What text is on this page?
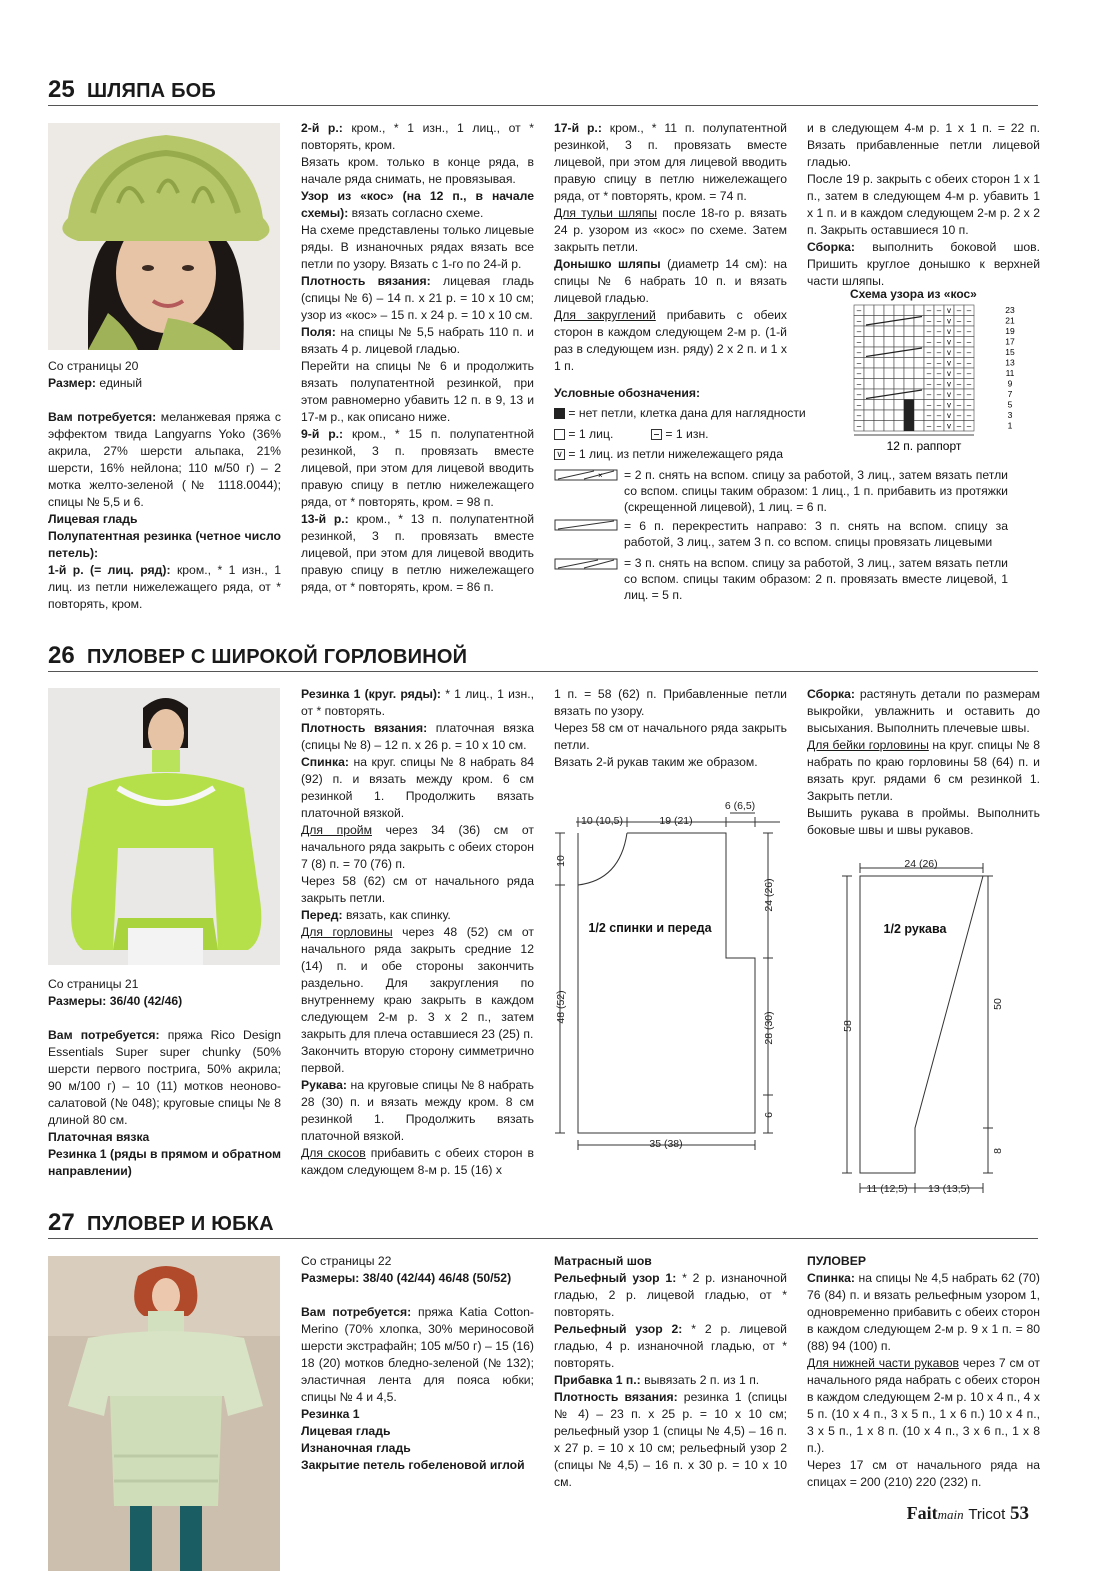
25 ШЛЯПА БОБ

Со страницы 20

Размер: единый

Вам потребуется: меланжевая пряжа с эффектом твида Langyarns Yoko (36% акрила, 27% шерсти альпака, 21% шерсти, 16% нейлона; 110 м/50 г) – 2 мотка желто-зеленой (№ 1118.0044); спицы № 5,5 и 6.

Лицевая гладь

Полупатентная резинка (четное число петель):

1-й р. (= лиц. ряд): кром., * 1 изн., 1 лиц. из петли нижележащего ряда, от * повторять, кром.

2-й р.: кром., * 1 изн., 1 лиц., от * повторять, кром.

Вязать кром. только в конце ряда, в начале ряда снимать, не провязывая.

Узор из «кос» (на 12 п., в начале схемы): вязать согласно схеме.

На схеме представлены только лицевые ряды. В изнаночных рядах вязать все петли по узору. Вязать с 1-го по 24-й р.

Плотность вязания: лицевая гладь (спицы № 6) – 14 п. x 21 р. = 10 x 10 см; узор из «кос» – 15 п. x 24 р. = 10 x 10 см.

Поля: на спицы № 5,5 набрать 110 п. и вязать 4 р. лицевой гладью.

Перейти на спицы № 6 и продолжить вязать полупатентной резинкой, при этом равномерно убавить 12 п. в 9, 13 и 17-м р., как описано ниже.

9-й р.: кром., * 15 п. полупатентной резинкой, 3 п. провязать вместе лицевой, при этом для лицевой вводить правую спицу в петлю нижележащего ряда, от * повторять, кром. = 98 п.

13-й р.: кром., * 13 п. полупатентной резинкой, 3 п. провязать вместе лицевой, при этом для лицевой вводить правую спицу в петлю нижележащего ряда, от * повторять, кром. = 86 п.

17-й р.: кром., * 11 п. полупатентной резинкой, 3 п. провязать вместе лицевой, при этом для лицевой вводить правую спицу в петлю нижележащего ряда, от * повторять, кром. = 74 п.

Для тульи шляпы после 18-го р. вязать 24 р. узором из «кос» по схеме. Затем закрыть петли.

Донышко шляпы (диаметр 14 см): на спицы № 6 набрать 10 п. и вязать лицевой гладью.

Для закруглений прибавить с обеих сторон в каждом следующем 2-м р. (1-й раз в следующем изн. ряду) 2 x 2 п. и 1 x 1 п.

и в следующем 4-м р. 1 x 1 п. = 22 п. Вязать прибавленные петли лицевой гладью.

После 19 р. закрыть с обеих сторон 1 x 1 п., затем в следующем 4-м р. убавить 1 x 1 п. и в каждом следующем 2-м р. 2 x 2 п. Закрыть оставшиеся 10 п.

Сборка: выполнить боковой шов. Пришить круглое донышко к верхней части шляпы.

Схема узора из «кос»
–	– – v – –	23
–	– – v – –	21
–	– – v – –	19
–	– – v – –	17
–	– – v – –	15
–	– – v – –	13
–	– – v – –	11
–	– – v – –	9
–	– – v – –	7
–	– – v – –	5
–	– – v – –	3
–	– – v – –	1
12 п. раппорт
Условные обозначения:
= нет петли, клетка дана для наглядности
= 1 лиц.	= 1 изн.
∨ = 1 лиц. из петли нижележащего ряда
× = 2 п. снять на вспом. спицу за работой, 3 лиц., затем вязать петли со вспом. спицы таким образом: 1 лиц., 1 п. прибавить из протяжки (скрещенной лицевой), 1 лиц. = 6 п.
= 6 п. перекрестить направо: 3 п. снять на вспом. спицу за работой, 3 лиц., затем 3 п. со вспом. спицы провязать лицевыми
= 3 п. снять на вспом. спицу за работой, 3 лиц., затем вязать петли со вспом. спицы таким образом: 2 п. провязать вместе лицевой, 1 лиц. = 5 п.
26 ПУЛОВЕР С ШИРОКОЙ ГОРЛОВИНОЙ

Со страницы 21

Размеры: 36/40 (42/46)

Вам потребуется: пряжа Rico Design Essentials Super super chunky (50% шерсти первого пострига, 50% акрила; 90 м/100 г) – 10 (11) мотков неоново-салатовой (№ 048); круговые спицы № 8 длиной 80 см.

Платочная вязка

Резинка 1 (ряды в прямом и обратном направлении)

Резинка 1 (круг. ряды): * 1 лиц., 1 изн., от * повторять.

Плотность вязания: платочная вязка (спицы № 8) – 12 п. x 26 р. = 10 x 10 см.

Спинка: на круг. спицы № 8 набрать 84 (92) п. и вязать между кром. 6 см резинкой 1. Продолжить вязать платочной вязкой.

Для пройм через 34 (36) см от начального ряда закрыть с обеих сторон 7 (8) п. = 70 (76) п.

Через 58 (62) см от начального ряда закрыть петли.

Перед: вязать, как спинку.

Для горловины через 48 (52) см от начального ряда закрыть средние 12 (14) п. и обе стороны закончить раздельно. Для закругления по внутреннему краю закрыть в каждом следующем 2-м р. 3 x 2 п., затем закрыть для плеча оставшиеся 23 (25) п.

Закончить вторую сторону симметрично первой.

Рукава: на круговые спицы № 8 набрать 28 (30) п. и вязать между кром. 8 см резинкой 1. Продолжить вязать платочной вязкой.

Для скосов прибавить с обеих сторон в каждом следующем 8-м р. 15 (16) x

1 п. = 58 (62) п. Прибавленные петли вязать по узору.

Через 58 см от начального ряда закрыть петли.

Вязать 2-й рукав таким же образом.

Сборка: растянуть детали по размерам выкройки, увлажнить и оставить до высыхания. Выполнить плечевые швы.

Для бейки горловины на круг. спицы № 8 набрать по краю горловины 58 (64) п. и вязать круг. рядами 6 см резинкой 1. Закрыть петли.

Вышить рукава в проймы. Выполнить боковые швы и швы рукавов.

10 (10,5)	19 (21)
6 (6,5)
10
24 (26)
48 (52)
28 (30)
6
35 (38)
1/2 спинки и переда
24 (26)
58
50
8
11 (12,5) 13 (13,5)
1/2 рукава
27 ПУЛОВЕР И ЮБКА

Со страницы 22

Размеры: 38/40 (42/44) 46/48 (50/52)

Вам потребуется: пряжа Katia Cotton-Merino (70% хлопка, 30% мериносовой шерсти экстрафайн; 105 м/50 г) – 15 (16) 18 (20) мотков бледно-зеленой (№ 132); эластичная лента для пояса юбки; спицы № 4 и 4,5.

Резинка 1

Лицевая гладь

Изнаночная гладь

Закрытие петель гобеленовой иглой

Матрасный шов

Рельефный узор 1: * 2 р. изнаночной гладью, 2 р. лицевой гладью, от * повторять.

Рельефный узор 2: * 2 р. лицевой гладью, 4 р. изнаночной гладью, от * повторять.

Прибавка 1 п.: вывязать 2 п. из 1 п.

Плотность вязания: резинка 1 (спицы № 4) – 23 п. x 25 р. = 10 x 10 см; рельефный узор 1 (спицы № 4,5) – 16 п. x 27 р. = 10 x 10 см; рельефный узор 2 (спицы № 4,5) – 16 п. x 30 р. = 10 x 10 см.

ПУЛОВЕР

Спинка: на спицы № 4,5 набрать 62 (70) 76 (84) п. и вязать рельефным узором 1, одновременно прибавить с обеих сторон в каждом следующем 2-м р. 9 x 1 п. = 80 (88) 94 (100) п.

Для нижней части рукавов через 7 см от начального ряда набрать с обеих сторон в каждом следующем 2-м р. 10 x 4 п., 4 x 5 п. (10 x 4 п., 3 x 5 п., 1 x 6 п.) 10 x 4 п., 3 x 5 п., 1 x 8 п. (10 x 4 п., 3 x 6 п., 1 x 8 п.).

Через 17 см от начального ряда на спицах = 200 (210) 220 (232) п.

Faitmain Tricot 53
